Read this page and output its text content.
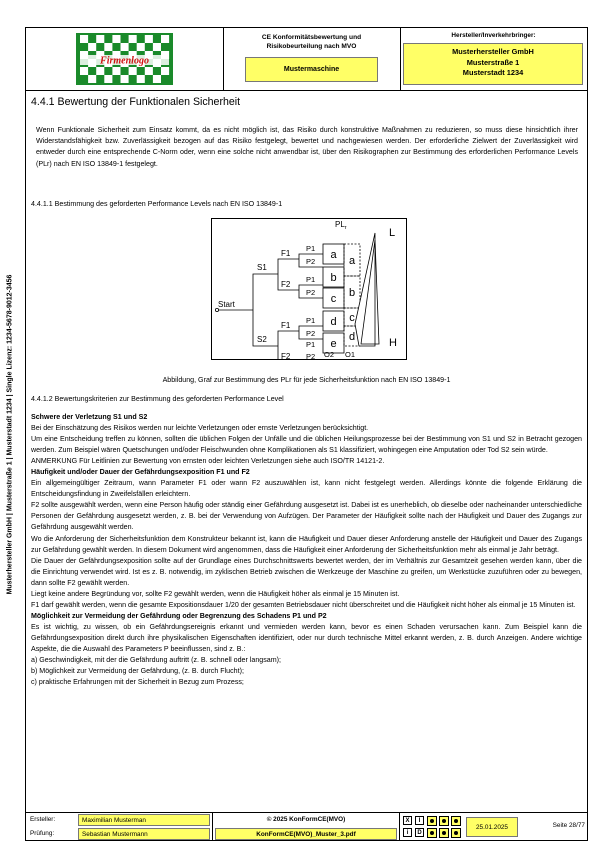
Musterhersteller GmbH | Musterstraße 1 | Musterstadt 1234 | Single Lizenz: 1234-5678-9012-3456
Firmenlogo
CE Konformitätsbewertung und
Risikobeurteilung nach MVO
Mustermaschine
Hersteller/Inverkehrbringer:
Musterhersteller GmbH
Musterstraße 1
Musterstadt 1234
4.4.1 Bewertung der Funktionalen Sicherheit
Wenn Funktionale Sicherheit zum Einsatz kommt, da es nicht möglich ist, das Risiko durch konstruktive Maßnahmen zu reduzieren, so muss diese hinsichtlich ihrer Widerstandsfähigkeit bzw. Zuverlässigkeit bezogen auf das Risiko festgelegt, bewertet und nachgewiesen werden. Der erforderliche Zielwert der Zuverlässigkeit wird entweder durch eine entsprechende C-Norm oder, wenn eine solche nicht anwendbar ist, über den Risikographen zur Bestimmung des erforderlichen Performance Levels (PLr) nach EN ISO 13849-1 festgelegt.
4.4.1.1 Bestimmung des geforderten Performance Levels nach EN ISO 13849-1
a
b
c
d
e
a
b
c
d
P1
P2
P1
P2
P1
P2
P1
P2
Start
S1
S2
F1
F2
F1
F2
$PL_r$	L
H
O2 O1
Abbildung, Graf zur Bestimmung des PLr für jede Sicherheitsfunktion nach EN ISO 13849-1
4.4.1.2 Bewertungskriterien zur Bestimmung des geforderten Performance Level
Schwere der Verletzung S1 und S2
Bei der Einschätzung des Risikos werden nur leichte Verletzungen oder ernste Verletzungen berücksichtigt.
Um eine Entscheidung treffen zu können, sollten die üblichen Folgen der Unfälle und die üblichen Heilungsprozesse bei der Bestimmung von S1 und S2 in Betracht gezogen werden. Zum Beispiel wären Quetschungen und/oder Fleischwunden ohne Komplikationen als S1 klassifiziert, wohingegen eine Amputation oder Tod S2 sein würde.
ANMERKUNG Für Leitlinien zur Bewertung von ernsten oder leichten Verletzungen siehe auch ISO/TR 14121-2.
Häufigkeit und/oder Dauer der Gefährdungsexposition F1 und F2
Ein allgemeingültiger Zeitraum, wann Parameter F1 oder wann F2 auszuwählen ist, kann nicht festgelegt werden. Allerdings könnte die folgende Erklärung die Entscheidungsfindung in Zweifelsfällen erleichtern.
F2 sollte ausgewählt werden, wenn eine Person häufig oder ständig einer Gefährdung ausgesetzt ist. Dabei ist es unerheblich, ob dieselbe oder nacheinander unterschiedliche Personen der Gefährdung ausgesetzt werden, z. B. bei der Verwendung von Aufzügen. Der Parameter der Häufigkeit sollte nach der Häufigkeit und Dauer des Zugangs zur Gefährdung ausgewählt werden.
Wo die Anforderung der Sicherheitsfunktion dem Konstrukteur bekannt ist, kann die Häufigkeit und Dauer dieser Anforderung anstelle der Häufigkeit und Dauer des Zugangs zur Gefährdung gewählt werden. In diesem Dokument wird angenommen, dass die Häufigkeit einer Anforderung der Sicherheitsfunktion mehr als einmal je Jahr beträgt.
Die Dauer der Gefährdungsexposition sollte auf der Grundlage eines Durchschnittswerts bewertet werden, der im Verhältnis zur Gesamtzeit gesehen werden kann, über die die Einrichtung verwendet wird. Ist es z. B. notwendig, im zyklischen Betrieb zwischen die Werkzeuge der Maschine zu greifen, um Werkstücke zuzuführen oder zu bewegen, dann sollte F2 gewählt werden.
Liegt keine andere Begründung vor, sollte F2 gewählt werden, wenn die Häufigkeit höher als einmal je 15 Minuten ist.
F1 darf gewählt werden, wenn die gesamte Expositionsdauer 1/20 der gesamten Betriebsdauer nicht überschreitet und die Häufigkeit nicht höher als einmal je 15 Minuten ist.
Möglichkeit zur Vermeidung der Gefährdung oder Begrenzung des Schadens P1 und P2
Es ist wichtig, zu wissen, ob ein Gefährdungsereignis erkannt und vermieden werden kann, bevor es einen Schaden verursachen kann. Zum Beispiel kann die Gefährdungsexposition direkt durch ihre physikalischen Eigenschaften identifiziert, oder nur durch technische Mittel erkannt werden, z. B. durch Anzeigen. Andere wichtige Aspekte, die die Auswahl des Parameters P beeinflussen, sind z. B.:
a) Geschwindigkeit, mit der die Gefährdung auftritt (z. B. schnell oder langsam);
b) Möglichkeit zur Vermeidung der Gefährdung, (z. B. durch Flucht);
c) praktische Erfahrungen mit der Sicherheit in Bezug zum Prozess;
Ersteller:	Maximilian Musterman
Prüfung:	Sebastian Mustermann
© 2025 KonFormCE(MVO)
KonFormCE(MVO)_Muster_3.pdf
X	I
i	D
25.01.2025	Seite 28/77
